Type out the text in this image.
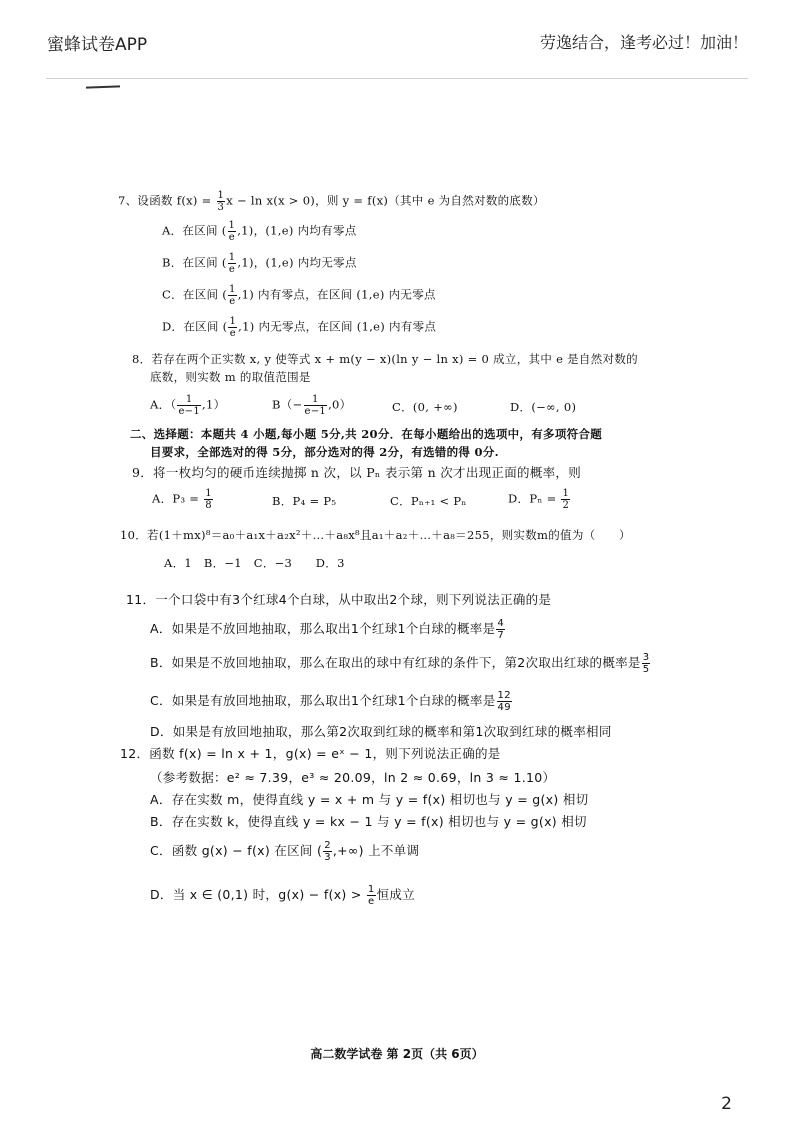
蜜蜂试卷APP	劳逸结合，逢考必过！加油！
7、设函数 $f(x) = \frac{1}{3}$ x − ln x(x > 0)，则 y = f(x)（其中 e 为自然对数的底数）
A．在区间 ( $\frac{1}{e} ,1$)，(1,e) 内均有零点
B．在区间 ( $\frac{1}{e} ,1$)，(1,e) 内均无零点
C．在区间 ( $\frac{1}{e} ,1$) 内有零点，在区间 (1,e) 内无零点
D．在区间 ( $\frac{1}{e} ,1$) 内无零点，在区间 (1,e) 内有零点
8．若存在两个正实数 x, y 使等式 x + m(y − x)(ln y − ln x) = 0 成立，其中 e 是自然对数的
底数，则实数 m 的取值范围是
A．（ $\frac{1}{e-1} ,1$）	$B(- \frac{1}{e-1} ,0)$	C．(0, +∞)	D．(−∞, 0)
二、选择题：本题共 4 小题,每小题 5分,共 20分．在每小题给出的选项中，有多项符合题
目要求，全部选对的得 5分，部分选对的得 2分，有选错的得 0分.
9．将一枚均匀的硬币连续抛掷 n 次，以 Pₙ 表示第 n 次才出现正面的概率，则
A．$P_3 = \frac{1}{8}$	B．P₄ = P₅	C．Pₙ₊₁ < Pₙ	D．$P_n = \frac{1}{2}$
10．若(1＋mx)⁸＝a₀＋a₁x＋a₂x²＋…＋a₈x⁸且a₁＋a₂＋…＋a₈＝255，则实数m的值为（　　）
A．1　B．−1　C．−3　　D．3
11．一个口袋中有3个红球4个白球，从中取出2个球，则下列说法正确的是
A．如果是不放回地抽取，那么取出1个红球1个白球的概率是 $\frac{4}{7}$
B．如果是不放回地抽取，那么在取出的球中有红球的条件下，第2次取出红球的概率是 $\frac{3}{5}$
C．如果是有放回地抽取，那么取出1个红球1个白球的概率是 $\frac{12}{49}$
D．如果是有放回地抽取，那么第2次取到红球的概率和第1次取到红球的概率相同
12．函数 f(x) = ln x + 1，g(x) = eˣ − 1，则下列说法正确的是
（参考数据：e² ≈ 7.39，e³ ≈ 20.09，ln 2 ≈ 0.69，ln 3 ≈ 1.10）
A．存在实数 m，使得直线 y = x + m 与 y = f(x) 相切也与 y = g(x) 相切
B．存在实数 k，使得直线 y = kx − 1 与 y = f(x) 相切也与 y = g(x) 相切
C．函数 g(x) − f(x) 在区间 ( $\frac{2}{3}$ ,+∞) 上不单调
D．当 x ∈ (0,1) 时，$g(x) - f(x) > \frac{1}{e}$ 恒成立
高二数学试卷 第 2页（共 6页）
2
